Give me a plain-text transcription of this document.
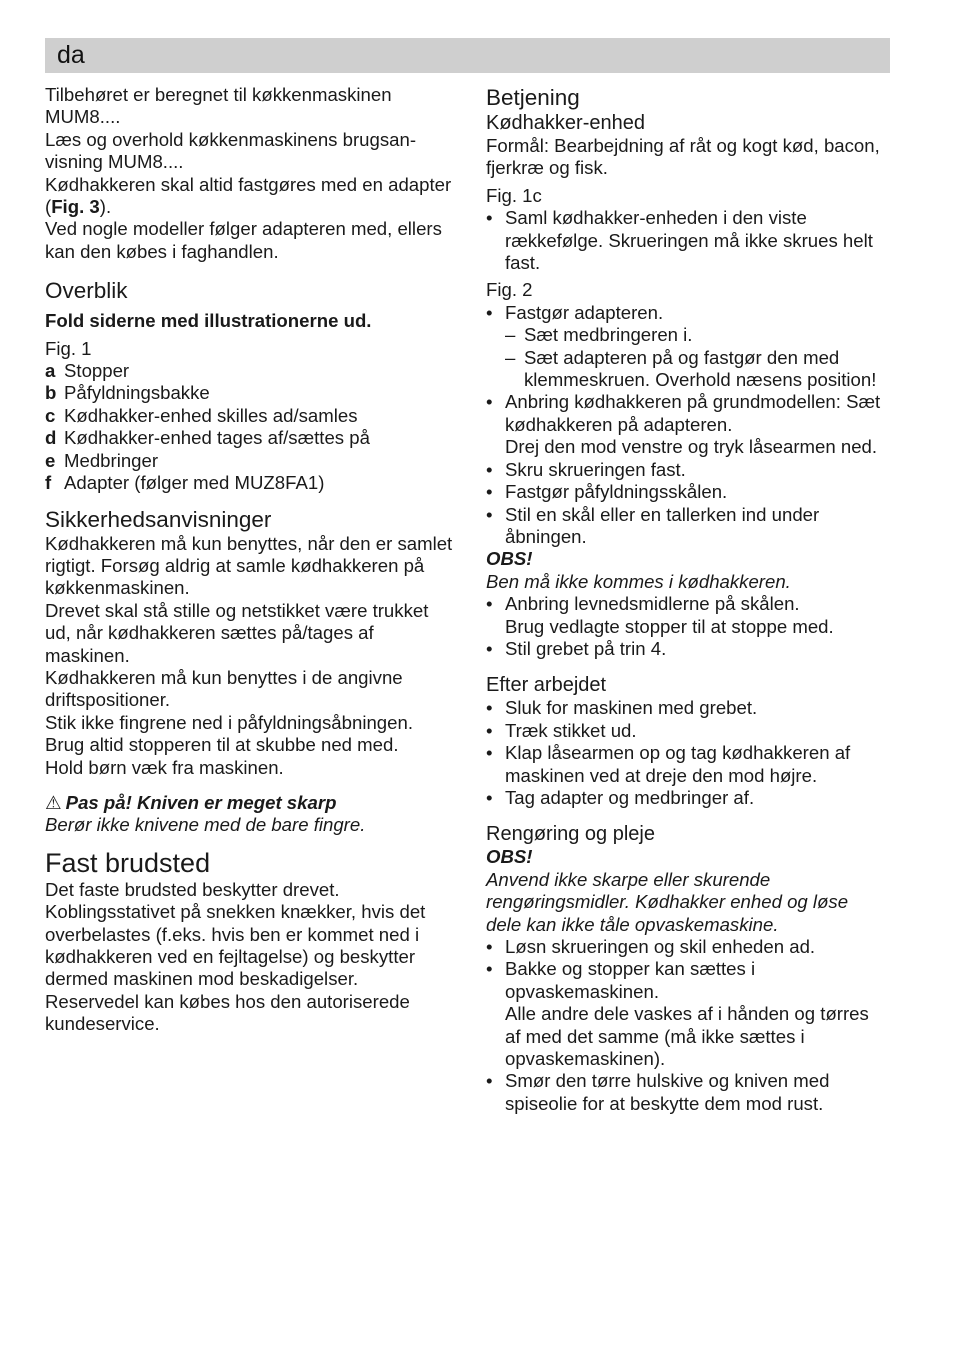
da

Tilbehøret er beregnet til køkkenmaskinen MUM8....

Læs og overhold køkkenmaskinens brugsanvisning MUM8....

Kødhakkeren skal altid fastgøres med en adapter (Fig. 3).

Ved nogle modeller følger adapteren med, ellers kan den købes i faghandlen.

Overblik

Fold siderne med illustrationerne ud.

Fig. 1

a Stopper
b Påfyldningsbakke
c Kødhakker-enhed skilles ad/samles
d Kødhakker-enhed tages af/sættes på
e Medbringer
f Adapter (følger med MUZ8FA1)
Sikkerhedsanvisninger

Kødhakkeren må kun benyttes, når den er samlet rigtigt. Forsøg aldrig at samle kødhakkeren på køkkenmaskinen.

Drevet skal stå stille og netstikket være trukket ud, når kødhakkeren sættes på/tages af maskinen.

Kødhakkeren må kun benyttes i de angivne driftspositioner.

Stik ikke fingrene ned i påfyldningsåbningen. Brug altid stopperen til at skubbe ned med.

Hold børn væk fra maskinen.

⚠ Pas på! Kniven er meget skarp

Berør ikke knivene med de bare fingre.

Fast brudsted

Det faste brudsted beskytter drevet. Koblingsstativet på snekken knækker, hvis det overbelastes (f.eks. hvis ben er kommet ned i kødhakkeren ved en fejltagelse) og beskytter dermed maskinen mod beskadigelser.

Reservedel kan købes hos den autoriserede kundeservice.

Betjening

Kødhakker-enhed

Formål: Bearbejdning af råt og kogt kød, bacon, fjerkræ og fisk.

Fig. 1c

• Saml kødhakker-enheden i den viste rækkefølge. Skrueringen må ikke skrues helt fast.

Fig. 2

• Fastgør adapteren.
– Sæt medbringeren i.
– Sæt adapteren på og fastgør den med klemmeskruen. Overhold næsens position!
• Anbring kødhakkeren på grundmodellen: Sæt kødhakkeren på adapteren.
Drej den mod venstre og tryk låsearmen ned.
• Skru skrueringen fast.
• Fastgør påfyldningsskålen.
• Stil en skål eller en tallerken ind under åbningen.

OBS!

Ben må ikke kommes i kødhakkeren.

• Anbring levnedsmidlerne på skålen.
Brug vedlagte stopper til at stoppe med.
• Stil grebet på trin 4.

Efter arbejdet

• Sluk for maskinen med grebet.
• Træk stikket ud.
• Klap låsearmen op og tag kødhakkeren af maskinen ved at dreje den mod højre.
• Tag adapter og medbringer af.

Rengøring og pleje

OBS!

Anvend ikke skarpe eller skurende rengøringsmidler. Kødhakker enhed og løse dele kan ikke tåle opvaskemaskine.

• Løsn skrueringen og skil enheden ad.
• Bakke og stopper kan sættes i opvaskemaskinen.
Alle andre dele vaskes af i hånden og tørres af med det samme (må ikke sættes i opvaskemaskinen).
• Smør den tørre hulskive og kniven med spiseolie for at beskytte dem mod rust.
